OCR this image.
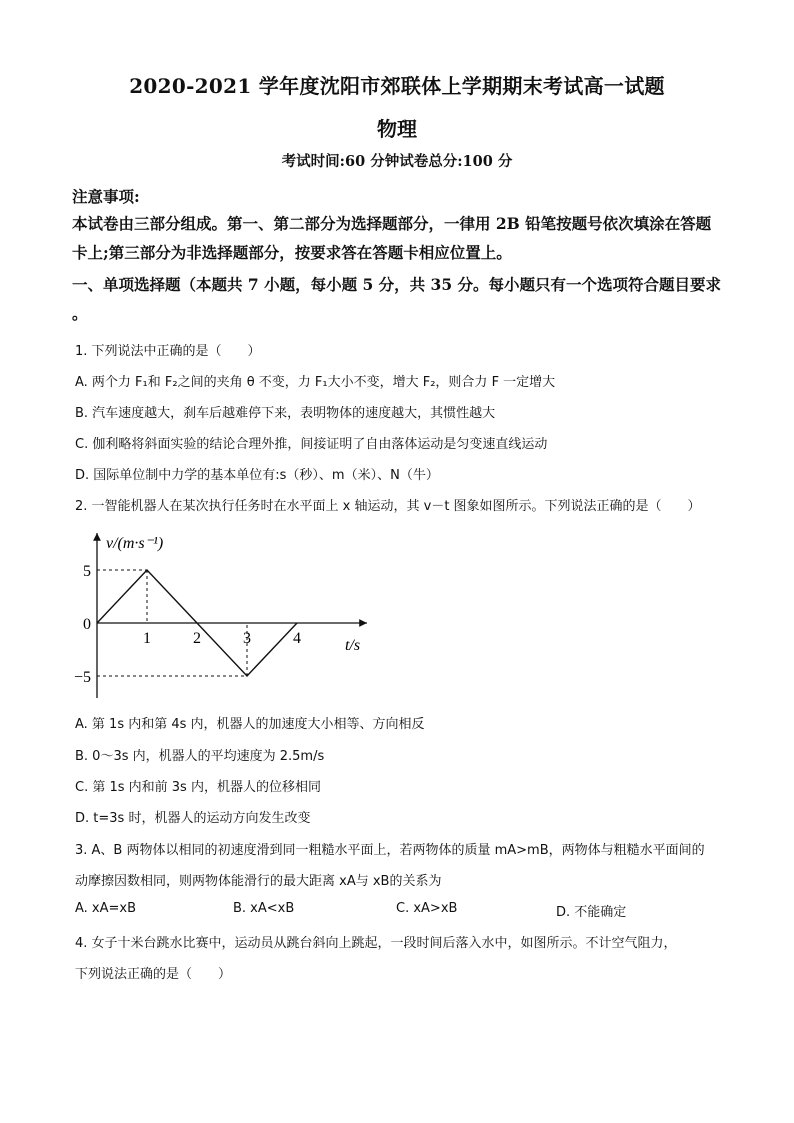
2020-2021 学年度沈阳市郊联体上学期期末考试高一试题
物理
考试时间:60 分钟试卷总分:100 分
注意事项:
本试卷由三部分组成。第一、第二部分为选择题部分，一律用 2B 铅笔按题号依次填涂在答题
卡上;第三部分为非选择题部分，按要求答在答题卡相应位置上。
一、单项选择题（本题共 7 小题，每小题 5 分，共 35 分。每小题只有一个选项符合题目要求
。
1. 下列说法中正确的是（　　）
A. 两个力 F₁和 F₂之间的夹角 θ 不变，力 F₁大小不变，增大 F₂，则合力 F 一定增大
B. 汽车速度越大，刹车后越难停下来，表明物体的速度越大，其惯性越大
C. 伽利略将斜面实验的结论合理外推，间接证明了自由落体运动是匀变速直线运动
D. 国际单位制中力学的基本单位有:s（秒）、m（米）、N（牛）
2. 一智能机器人在某次执行任务时在水平面上 x 轴运动，其 v－t 图象如图所示。下列说法正确的是（　　）
v/(m·s⁻¹)
t/s
1	2	3	4
5
0
−5
A. 第 1s 内和第 4s 内，机器人的加速度大小相等、方向相反
B. 0～3s 内，机器人的平均速度为 2.5m/s
C. 第 1s 内和前 3s 内，机器人的位移相同
D. t=3s 时，机器人的运动方向发生改变
3. A、B 两物体以相同的初速度滑到同一粗糙水平面上，若两物体的质量 mA>mB，两物体与粗糙水平面间的
动摩擦因数相同，则两物体能滑行的最大距离 xA与 xB的关系为
A. xA=xB	B. xA<xB	C. xA>xB	D. 不能确定
4. 女子十米台跳水比赛中，运动员从跳台斜向上跳起，一段时间后落入水中，如图所示。不计空气阻力，
下列说法正确的是（　　）
